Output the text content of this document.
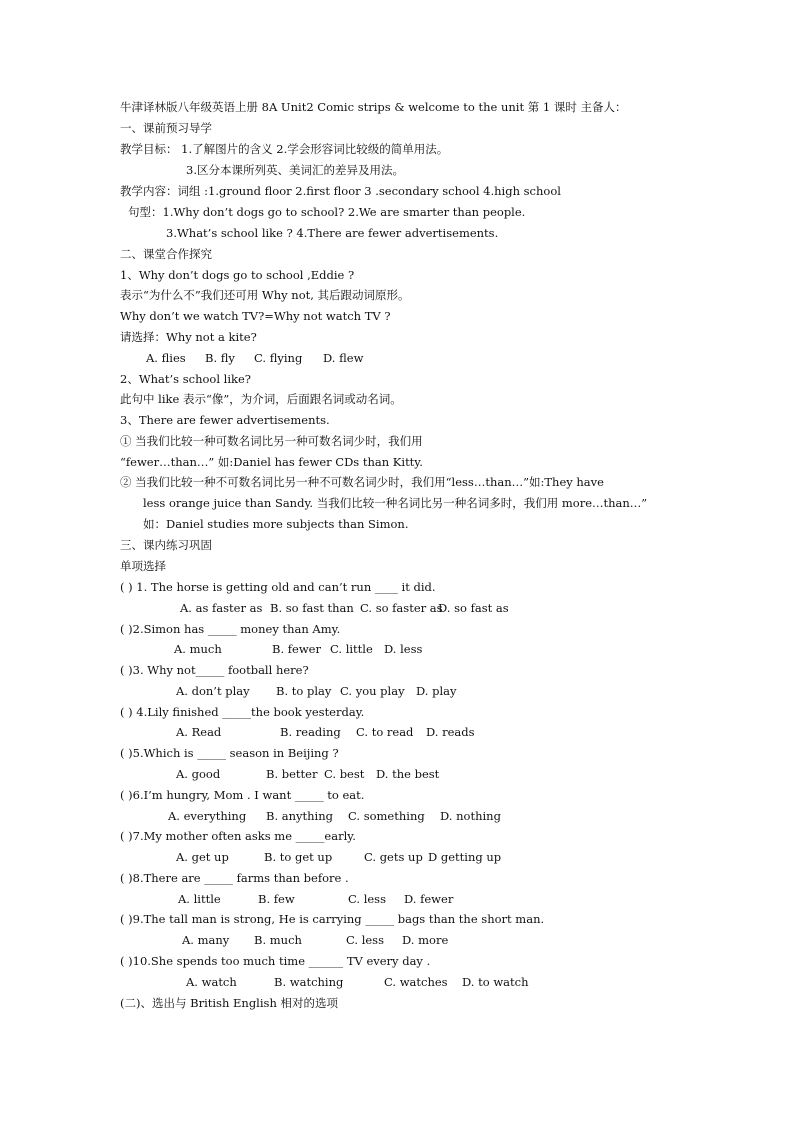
牛津译林版八年级英语上册 8A Unit2 Comic strips & welcome to the unit 第 1 课时 主备人：
一、课前预习导学
教学目标： 1.了解图片的含义 2.学会形容词比较级的简单用法。
3.区分本课所列英、美词汇的差异及用法。
教学内容：词组 :1.ground floor 2.first floor 3 .secondary school 4.high school
句型：1.Why don’t dogs go to school? 2.We are smarter than people.
3.What’s school like ? 4.There are fewer advertisements.
二、课堂合作探究
1、Why don’t dogs go to school ,Eddie ?
表示“为什么不”我们还可用 Why not, 其后跟动词原形。
Why don’t we watch TV?=Why not watch TV ?
请选择：Why not a kite?
A. flies B. fly C. flying D. flew
2、What’s school like?
此句中 like 表示“像”，为介词，后面跟名词或动名词。
3、There are fewer advertisements.
① 当我们比较一种可数名词比另一种可数名词少时，我们用
“fewer…than…” 如:Daniel has fewer CDs than Kitty.
② 当我们比较一种不可数名词比另一种不可数名词少时，我们用“less…than…”如:They have
less orange juice than Sandy. 当我们比较一种名词比另一种名词多时，我们用 more…than…”
如：Daniel studies more subjects than Simon.
三、课内练习巩固
单项选择
( ) 1. The horse is getting old and can’t run ____ it did.
A. as faster as B. so fast than C. so faster as
D. so fast as
( )2.Simon has _____ money than Amy.
A. much	B. fewer C. little D. less
( )3. Why not_____ football here?
A. don’t play B. to play C. you play D. play
( ) 4.Lily finished _____the book yesterday.
A. Read	B. reading C. to read D. reads
( )5.Which is _____ season in Beijing ?
A. good	B. better C. best D. the best
( )6.I’m hungry, Mom . I want _____ to eat.
A. everything B. anything C. something D. nothing
( )7.My mother often asks me _____early.
A. get up	B. to get up	C. gets up D getting up
( )8.There are _____ farms than before .
A. little	B. few	C. less D. fewer
( )9.The tall man is strong, He is carrying _____ bags than the short man.
A. many B. much	C. less D. more
( )10.She spends too much time ______ TV every day .
A. watch	B. watching	C. watches D. to watch
(二)、选出与 British English 相对的选项
